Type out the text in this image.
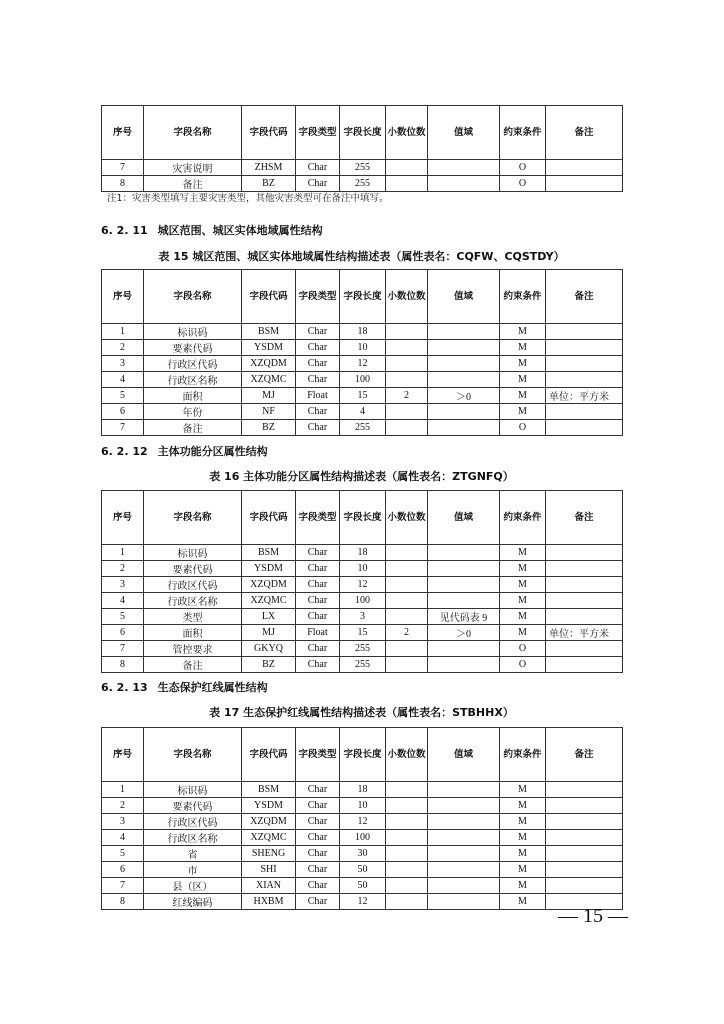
序号	字段名称	字段代码	字段类型	字段长度	小数位数	值域	约束条件	备注
7	灾害说明	ZHSM	Char	255			O	
8	备注	BZ	Char	255			O	
注1：灾害类型填写主要灾害类型，其他灾害类型可在备注中填写。
6. 2. 11 城区范围、城区实体地域属性结构
表 15 城区范围、城区实体地域属性结构描述表（属性表名：CQFW、CQSTDY）
序号	字段名称	字段代码	字段类型	字段长度	小数位数	值域	约束条件	备注
1	标识码	BSM	Char	18			M	
2	要素代码	YSDM	Char	10			M	
3	行政区代码	XZQDM	Char	12			M	
4	行政区名称	XZQMC	Char	100			M	
5	面积	MJ	Float	15	2	＞0	M	单位：平方米
6	年份	NF	Char	4			M	
7	备注	BZ	Char	255			O	
6. 2. 12 主体功能分区属性结构
表 16 主体功能分区属性结构描述表（属性表名：ZTGNFQ）
序号	字段名称	字段代码	字段类型	字段长度	小数位数	值域	约束条件	备注
1	标识码	BSM	Char	18			M	
2	要素代码	YSDM	Char	10			M	
3	行政区代码	XZQDM	Char	12			M	
4	行政区名称	XZQMC	Char	100			M	
5	类型	LX	Char	3		见代码表 9	M	
6	面积	MJ	Float	15	2	＞0	M	单位：平方米
7	管控要求	GKYQ	Char	255			O	
8	备注	BZ	Char	255			O	
6. 2. 13 生态保护红线属性结构
表 17 生态保护红线属性结构描述表（属性表名：STBHHX）
序号	字段名称	字段代码	字段类型	字段长度	小数位数	值域	约束条件	备注
1	标识码	BSM	Char	18			M	
2	要素代码	YSDM	Char	10			M	
3	行政区代码	XZQDM	Char	12			M	
4	行政区名称	XZQMC	Char	100			M	
5	省	SHENG	Char	30			M	
6	市	SHI	Char	50			M	
7	县（区）	XIAN	Char	50			M	
8	红线编码	HXBM	Char	12			M	
— 15 —
